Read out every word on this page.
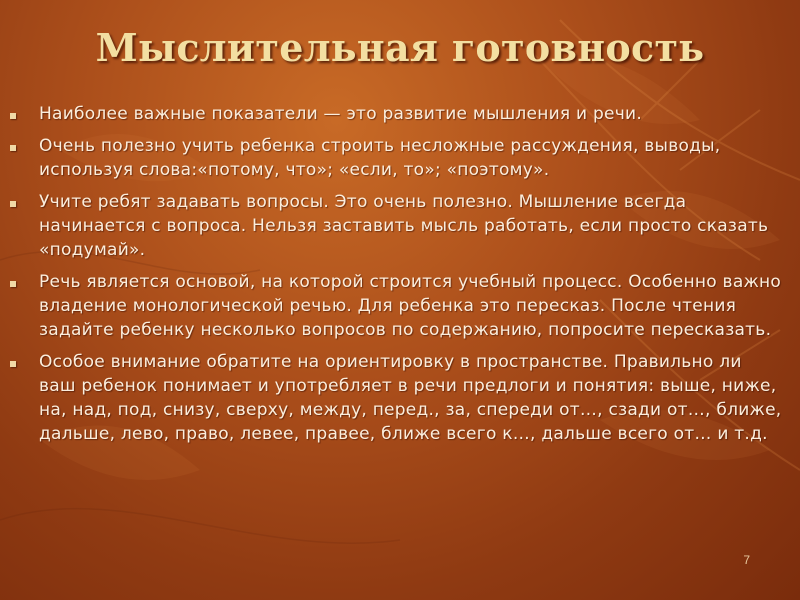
Мыслительная готовность
Наиболее важные показатели — это развитие мышления и речи.
Очень полезно учить ребенка строить несложные рассуждения, выводы, используя слова:«потому, что»; «если, то»; «поэтому».
Учите ребят задавать вопросы. Это очень полезно. Мышление всегда начинается с вопроса. Нельзя заставить мысль работать, если просто сказать «подумай».
Речь является основой, на которой строится учебный процесс. Особенно важно владение монологической речью. Для ребенка это пересказ. После чтения задайте ребенку несколько вопросов по содержанию, попросите пересказать.
Особое внимание обратите на ориентировку в пространстве. Правильно ли ваш ребенок понимает и употребляет в речи предлоги и понятия: выше, ниже, на, над, под, снизу, сверху, между, перед., за, спереди от…, сзади от…, ближе, дальше, лево, право, левее, правее, ближе всего к…, дальше всего от… и т.д.
7
